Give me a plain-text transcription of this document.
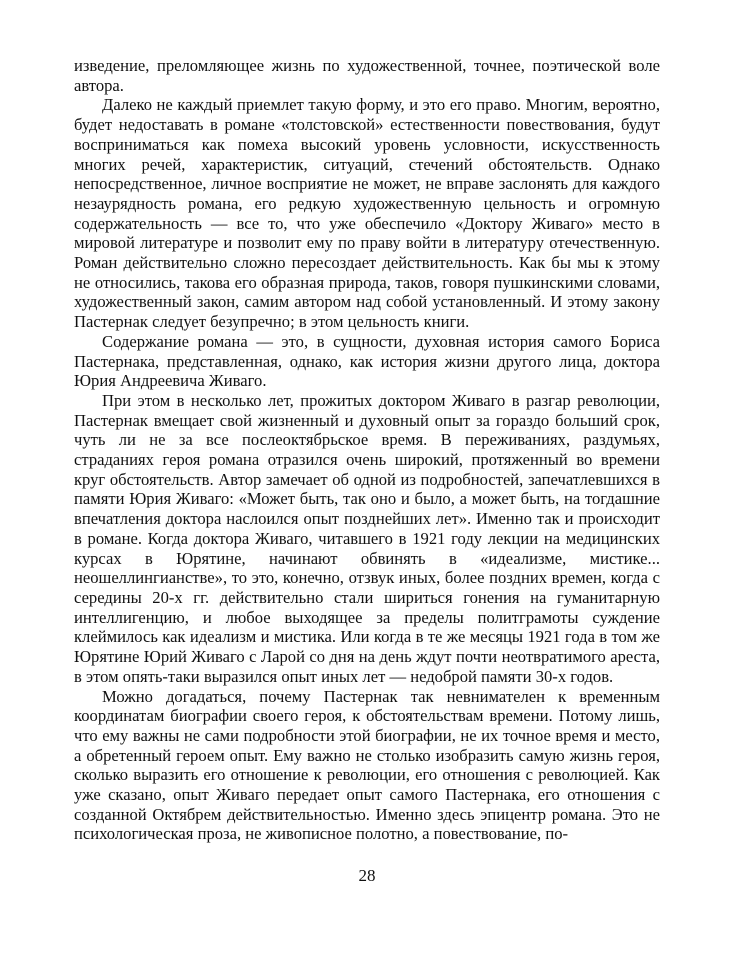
изведение, преломляющее жизнь по художественной, точнее, поэтической воле автора.

Далеко не каждый приемлет такую форму, и это его право. Многим, вероятно, будет недоставать в романе «толстовской» естественности повествования, будут восприниматься как помеха высокий уровень условности, искусственность многих речей, характеристик, ситуаций, стечений обстоятельств. Однако непосредственное, личное восприятие не может, не вправе заслонять для каждого незаурядность романа, его редкую художественную цельность и огромную содержательность — все то, что уже обеспечило «Доктору Живаго» место в мировой литературе и позволит ему по праву войти в литературу отечественную. Роман действительно сложно пересоздает действительность. Как бы мы к этому не относились, такова его образная природа, таков, говоря пушкинскими словами, художественный закон, самим автором над собой установленный. И этому закону Пастернак следует безупречно; в этом цельность книги.

Содержание романа — это, в сущности, духовная история самого Бориса Пастернака, представленная, однако, как история жизни другого лица, доктора Юрия Андреевича Живаго.

При этом в несколько лет, прожитых доктором Живаго в разгар революции, Пастернак вмещает свой жизненный и духовный опыт за гораздо больший срок, чуть ли не за все послеоктябрьское время. В переживаниях, раздумьях, страданиях героя романа отразился очень широкий, протяженный во времени круг обстоятельств. Автор замечает об одной из подробностей, запечатлевшихся в памяти Юрия Живаго: «Может быть, так оно и было, а может быть, на тогдашние впечатления доктора наслоился опыт позднейших лет». Именно так и происходит в романе. Когда доктора Живаго, читавшего в 1921 году лекции на медицинских курсах в Юрятине, начинают обвинять в «идеализме, мистике... неошеллингианстве», то это, конечно, отзвук иных, более поздних времен, когда с середины 20-х гг. действительно стали шириться гонения на гуманитарную интеллигенцию, и любое выходящее за пределы политграмоты суждение клеймилось как идеализм и мистика. Или когда в те же месяцы 1921 года в том же Юрятине Юрий Живаго с Ларой со дня на день ждут почти неотвратимого ареста, в этом опять-таки выразился опыт иных лет — недоброй памяти 30-х годов.

Можно догадаться, почему Пастернак так невнимателен к временным координатам биографии своего героя, к обстоятельствам времени. Потому лишь, что ему важны не сами подробности этой биографии, не их точное время и место, а обретенный героем опыт. Ему важно не столько изобразить самую жизнь героя, сколько выразить его отношение к революции, его отношения с революцией. Как уже сказано, опыт Живаго передает опыт самого Пастернака, его отношения с созданной Октябрем действительностью. Именно здесь эпицентр романа. Это не психологическая проза, не живописное полотно, а повествование, по-

28
